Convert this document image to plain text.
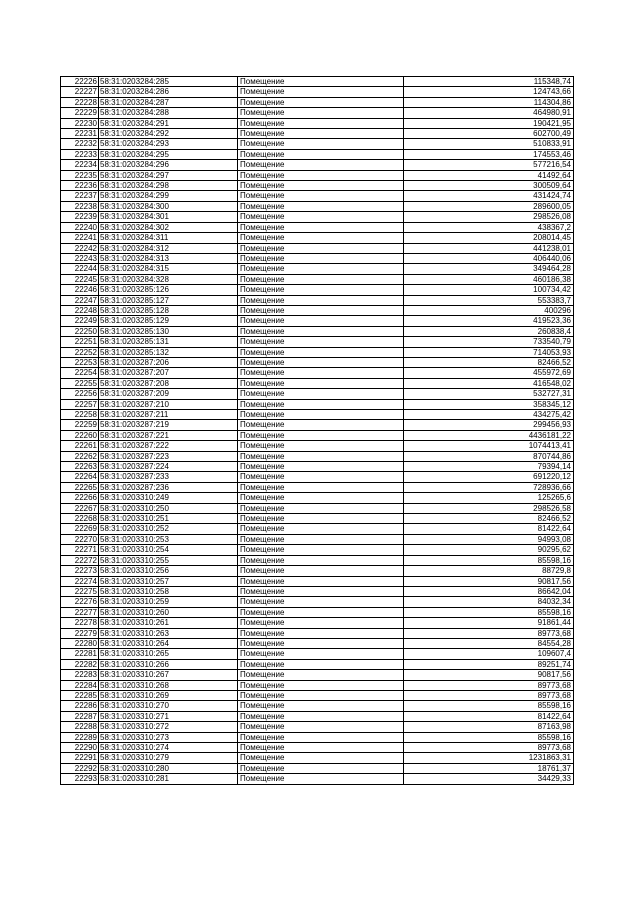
22226	58:31:0203284:285	Помещение	115348,74
22227	58:31:0203284:286	Помещение	124743,66
22228	58:31:0203284:287	Помещение	114304,86
22229	58:31:0203284:288	Помещение	464980,91
22230	58:31:0203284:291	Помещение	190421,95
22231	58:31:0203284:292	Помещение	602700,49
22232	58:31:0203284:293	Помещение	510833,91
22233	58:31:0203284:295	Помещение	174553,46
22234	58:31:0203284:296	Помещение	577216,54
22235	58:31:0203284:297	Помещение	41492,64
22236	58:31:0203284:298	Помещение	300509,64
22237	58:31:0203284:299	Помещение	431424,74
22238	58:31:0203284:300	Помещение	289600,05
22239	58:31:0203284:301	Помещение	298526,08
22240	58:31:0203284:302	Помещение	438367,2
22241	58:31:0203284:311	Помещение	208014,45
22242	58:31:0203284:312	Помещение	441238,01
22243	58:31:0203284:313	Помещение	406440,06
22244	58:31:0203284:315	Помещение	349464,28
22245	58:31:0203284:328	Помещение	460186,38
22246	58:31:0203285:126	Помещение	100734,42
22247	58:31:0203285:127	Помещение	553383,7
22248	58:31:0203285:128	Помещение	400296
22249	58:31:0203285:129	Помещение	419523,36
22250	58:31:0203285:130	Помещение	260838,4
22251	58:31:0203285:131	Помещение	733540,79
22252	58:31:0203285:132	Помещение	714053,93
22253	58:31:0203287:206	Помещение	82466,52
22254	58:31:0203287:207	Помещение	455972,69
22255	58:31:0203287:208	Помещение	416548,02
22256	58:31:0203287:209	Помещение	532727,31
22257	58:31:0203287:210	Помещение	358345,12
22258	58:31:0203287:211	Помещение	434275,42
22259	58:31:0203287:219	Помещение	299456,93
22260	58:31:0203287:221	Помещение	4436181,22
22261	58:31:0203287:222	Помещение	1074413,41
22262	58:31:0203287:223	Помещение	870744,86
22263	58:31:0203287:224	Помещение	79394,14
22264	58:31:0203287:233	Помещение	691220,12
22265	58:31:0203287:236	Помещение	728936,66
22266	58:31:0203310:249	Помещение	125265,6
22267	58:31:0203310:250	Помещение	298526,58
22268	58:31:0203310:251	Помещение	82466,52
22269	58:31:0203310:252	Помещение	81422,64
22270	58:31:0203310:253	Помещение	94993,08
22271	58:31:0203310:254	Помещение	90295,62
22272	58:31:0203310:255	Помещение	85598,16
22273	58:31:0203310:256	Помещение	88729,8
22274	58:31:0203310:257	Помещение	90817,56
22275	58:31:0203310:258	Помещение	86642,04
22276	58:31:0203310:259	Помещение	84032,34
22277	58:31:0203310:260	Помещение	85598,16
22278	58:31:0203310:261	Помещение	91861,44
22279	58:31:0203310:263	Помещение	89773,68
22280	58:31:0203310:264	Помещение	84554,28
22281	58:31:0203310:265	Помещение	109607,4
22282	58:31:0203310:266	Помещение	89251,74
22283	58:31:0203310:267	Помещение	90817,56
22284	58:31:0203310:268	Помещение	89773,68
22285	58:31:0203310:269	Помещение	89773,68
22286	58:31:0203310:270	Помещение	85598,16
22287	58:31:0203310:271	Помещение	81422,64
22288	58:31:0203310:272	Помещение	87163,98
22289	58:31:0203310:273	Помещение	85598,16
22290	58:31:0203310:274	Помещение	89773,68
22291	58:31:0203310:279	Помещение	1231863,31
22292	58:31:0203310:280	Помещение	18761,37
22293	58:31:0203310:281	Помещение	34429,33
